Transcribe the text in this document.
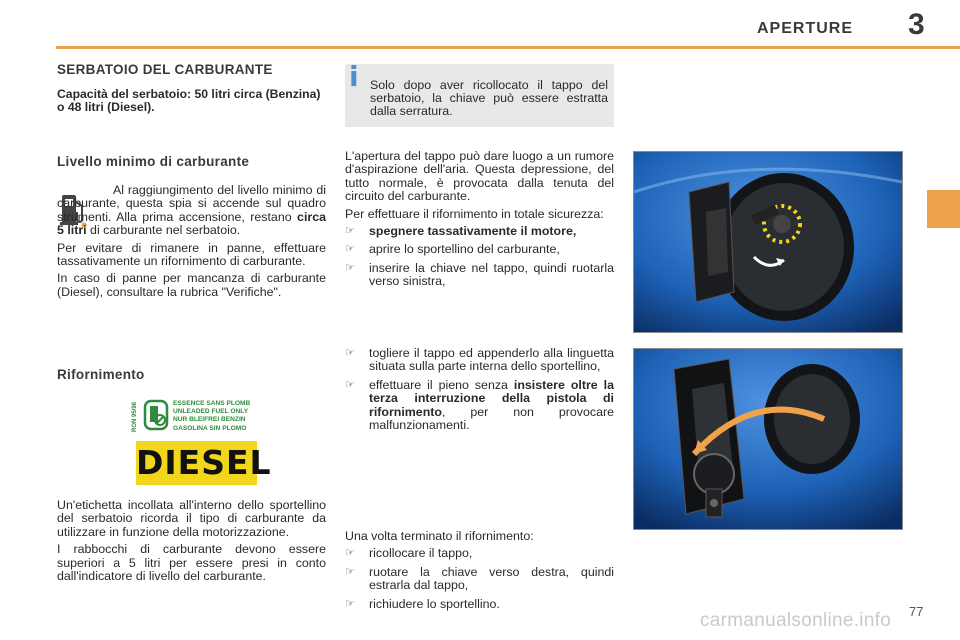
APERTURE 3
SERBATOIO DEL CARBURANTE
Capacità del serbatoio: 50 litri circa (Benzina) o 48 litri (Diesel).
Livello minimo di carburante

Al raggiungimento del livello minimo di carburante, questa spia si accende sul quadro strumenti. Alla prima accensione, restano circa 5 litri di carburante nel serbatoio.

Per evitare di rimanere in panne, effettuare tassativamente un rifornimento di carburante.

In caso di panne per mancanza di carburante (Diesel), consultare la rubrica "Verifiche".

Rifornimento
RON 95/98	ESSENCE SANS PLOMB
UNLEADED FUEL ONLY
NUR BLEIFREI BENZIN
GASOLINA SIN PLOMO
DIESEL

Un'etichetta incollata all'interno dello sportellino del serbatoio ricorda il tipo di carburante da utilizzare in funzione della motorizzazione.

I rabbocchi di carburante devono essere superiori a 5 litri per essere presi in conto dall'indicatore di livello del carburante.

i Solo dopo aver ricollocato il tappo del serbatoio, la chiave può essere estratta dalla serratura.

L'apertura del tappo può dare luogo a un rumore d'aspirazione dell'aria. Questa depressione, del tutto normale, è provocata dalla tenuta del circuito del carburante.

Per effettuare il rifornimento in totale sicurezza:

☞ spegnere tassativamente il motore,
☞ aprire lo sportellino del carburante,
☞ inserire la chiave nel tappo, quindi ruotarla verso sinistra,
☞ togliere il tappo ed appenderlo alla linguetta situata sulla parte interna dello sportellino,
☞ effettuare il pieno senza insistere oltre la terza interruzione della pistola di rifornimento, per non provocare malfunzionamenti.

Una volta terminato il rifornimento:

☞ ricollocare il tappo,
☞ ruotare la chiave verso destra, quindi estrarla dal tappo,
☞ richiudere lo sportellino.
77
carmanualsonline.info
